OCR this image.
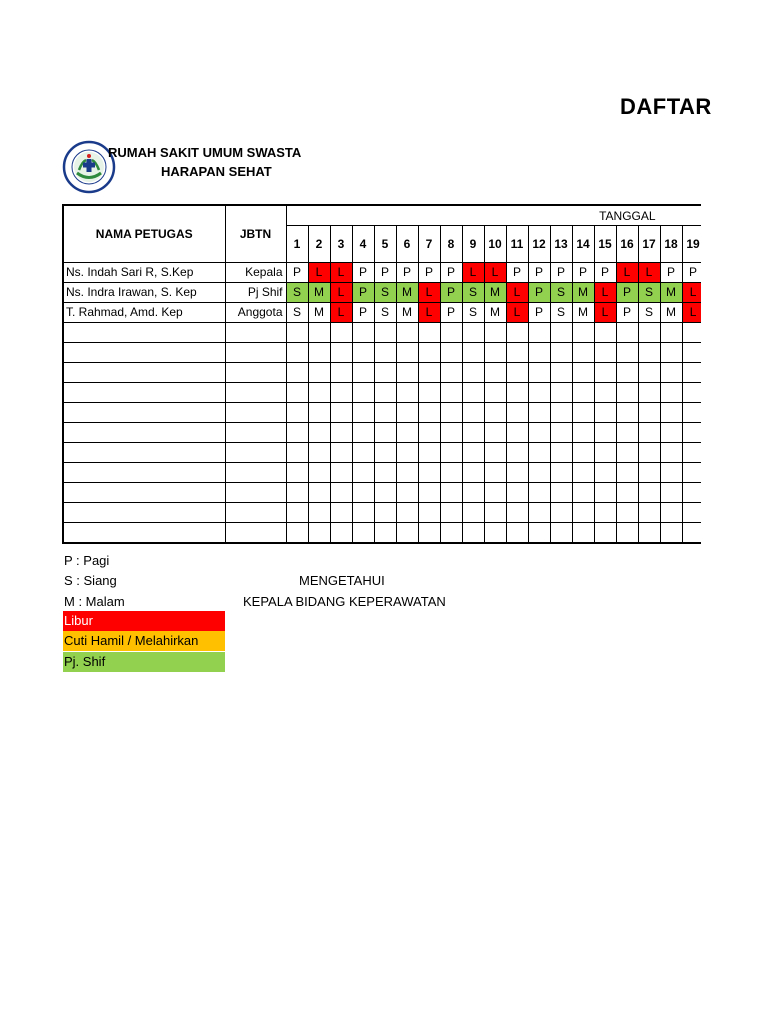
DAFTAR
RUMAH SAKIT UMUM SWASTA
HARAPAN SEHAT
NAMA PETUGAS	JBTN	TANGGAL																		
		1	2	3	4	5	6	7	8	9	10	11	12	13	14	15	16	17	18	19
Ns. Indah Sari R, S.Kep	Kepala	P	L	L	P	P	P	P	P	L	L	P	P	P	P	P	L	L	P	P
Ns. Indra Irawan, S. Kep	Pj Shif	S	M	L	P	S	M	L	P	S	M	L	P	S	M	L	P	S	M	L
T. Rahmad, Amd. Kep	Anggota	S	M	L	P	S	M	L	P	S	M	L	P	S	M	L	P	S	M	L

P : Pagi
S : Siang
M : Malam
Libur
Cuti Hamil / Melahirkan
Pj. Shif
MENGETAHUI
KEPALA BIDANG KEPERAWATAN
